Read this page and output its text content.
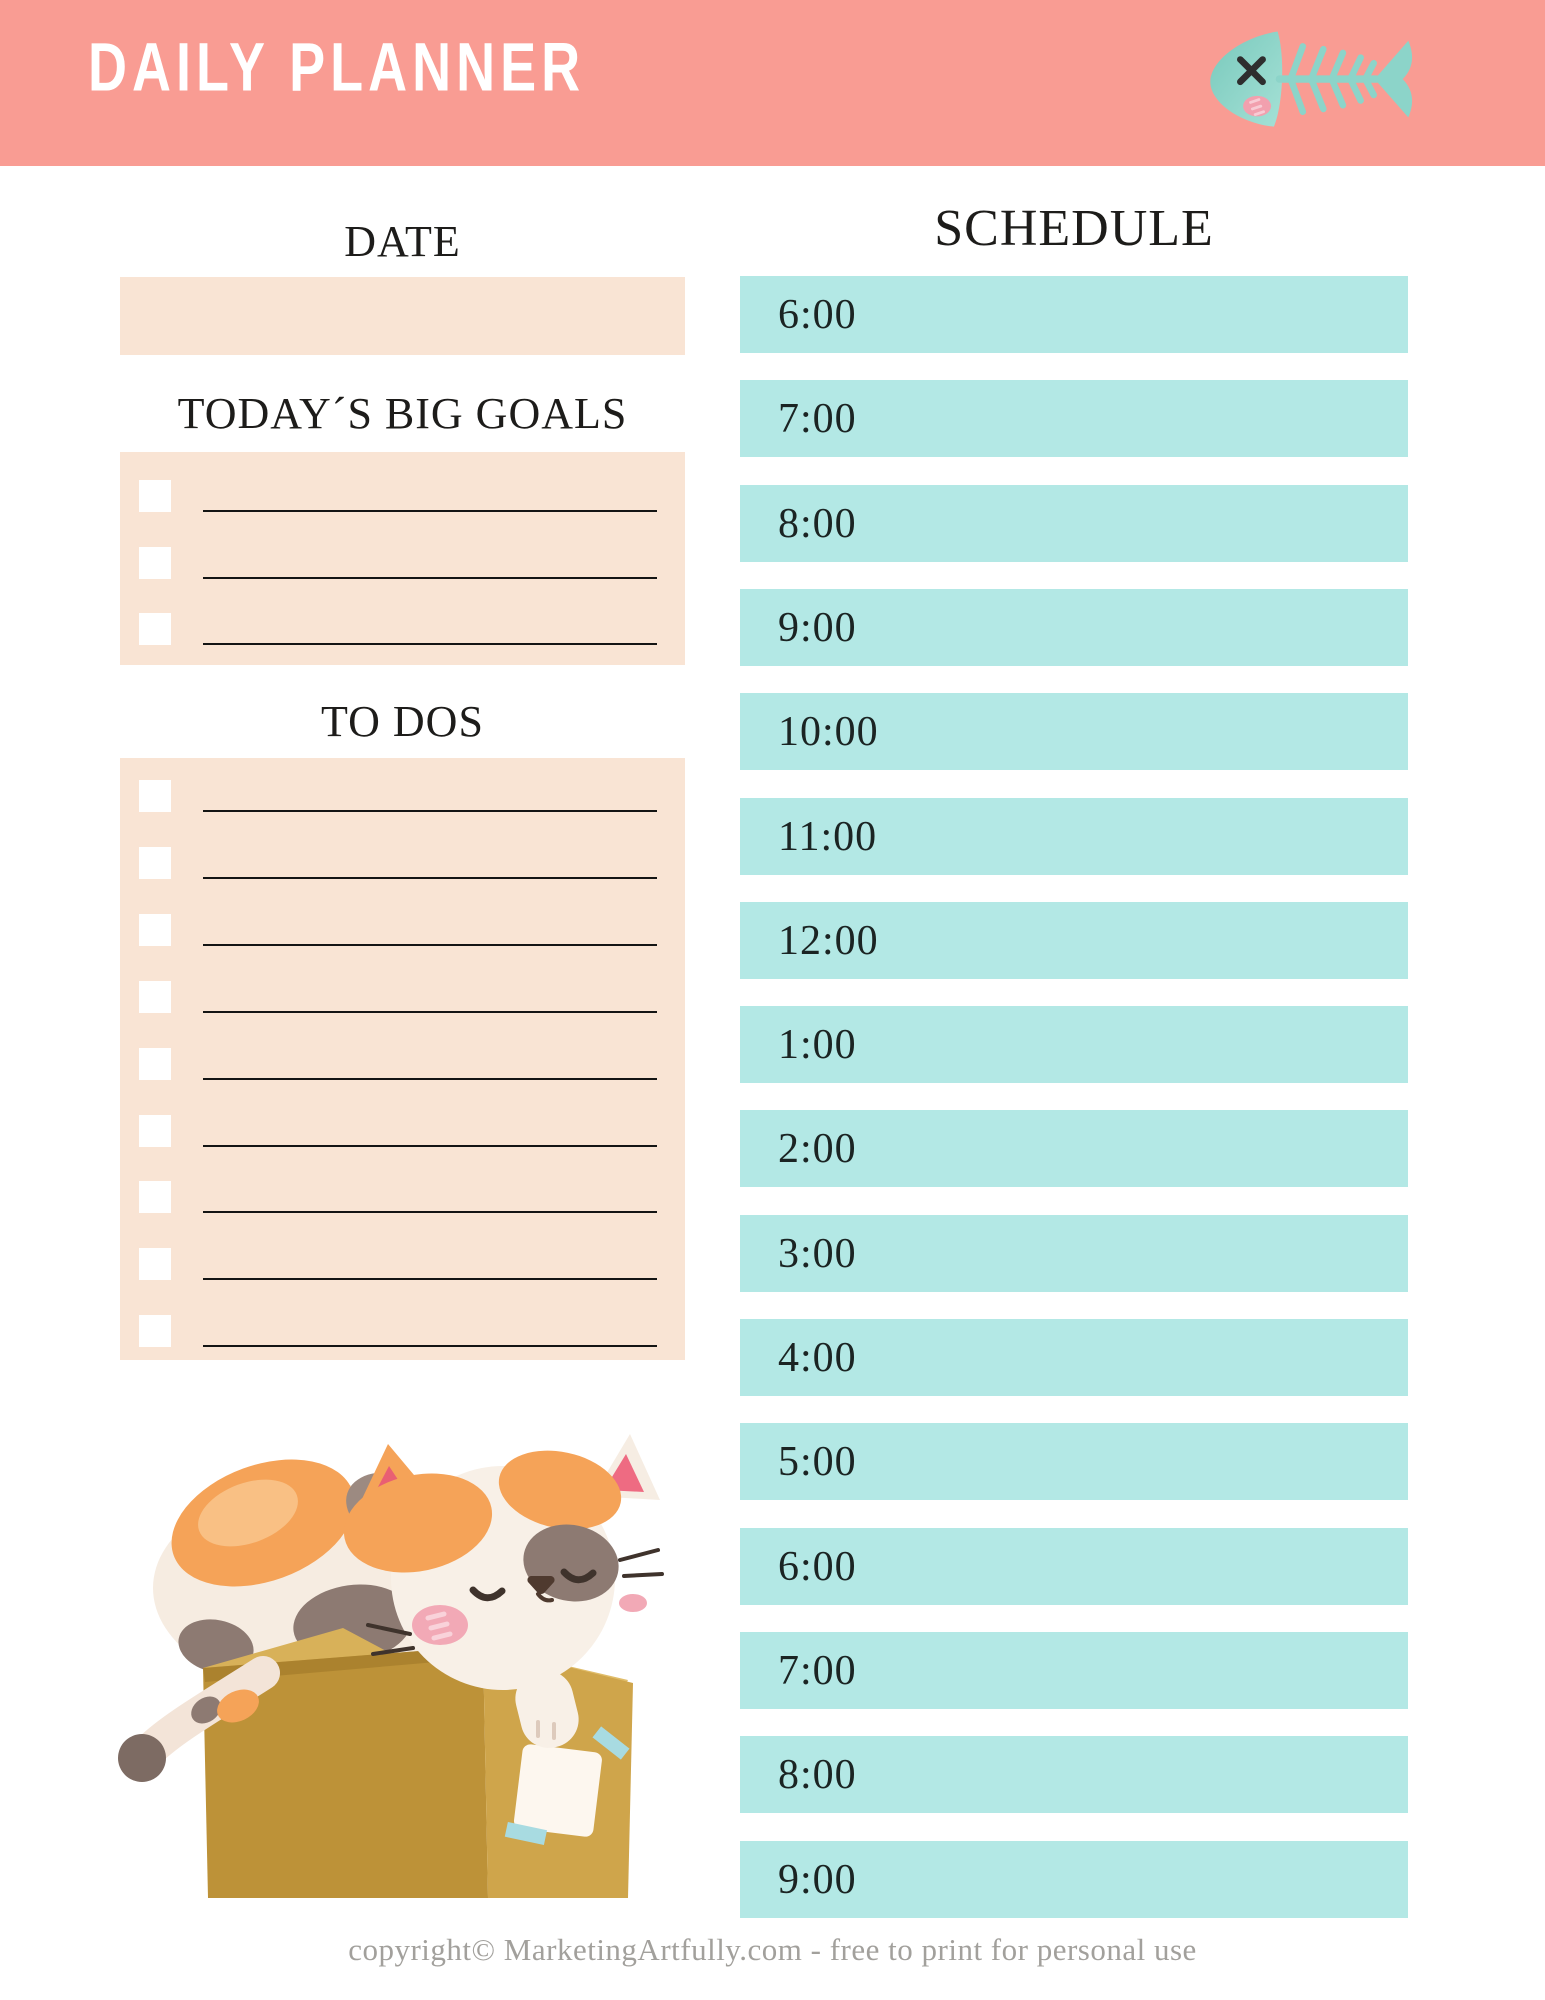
DAILY PLANNER
DATE
TODAY´S BIG GOALS
TO DOS
SCHEDULE
6:00
7:00
8:00
9:00
10:00
11:00
12:00
1:00
2:00
3:00
4:00
5:00
6:00
7:00
8:00
9:00
copyright© MarketingArtfully.com - free to print for personal use
